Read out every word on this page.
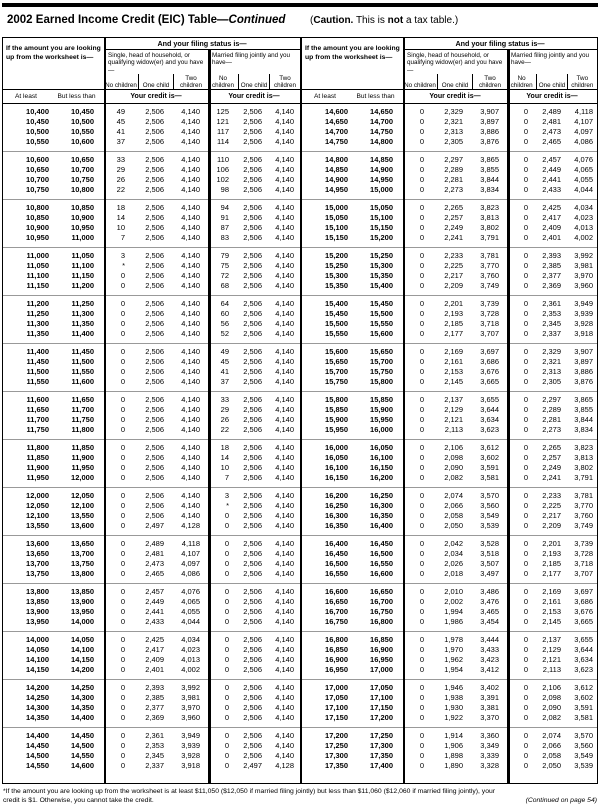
2002 Earned Income Credit (EIC) Table—Continued	(Caution. This is not a tax table.)
If the amount you are looking up from the worksheet is—
And your filing status is—
Single, head of household, or qualifying widow(er) and you have—
No children One child
Two children
Married filing jointly and you have—
No children	One child
Two children
At least	But less than	Your credit is—	Your credit is—
10,400	10,450	49	2,506	4,140	125	2,506	4,140
10,450	10,500	45	2,506	4,140	121	2,506	4,140
10,500	10,550	41	2,506	4,140	117	2,506	4,140
10,550	10,600	37	2,506	4,140	114	2,506	4,140
10,600	10,650	33	2,506	4,140	110	2,506	4,140
10,650	10,700	29	2,506	4,140	106	2,506	4,140
10,700	10,750	26	2,506	4,140	102	2,506	4,140
10,750	10,800	22	2,506	4,140	98	2,506	4,140
10,800	10,850	18	2,506	4,140	94	2,506	4,140
10,850	10,900	14	2,506	4,140	91	2,506	4,140
10,900	10,950	10	2,506	4,140	87	2,506	4,140
10,950	11,000	7	2,506	4,140	83	2,506	4,140
11,000	11,050	3	2,506	4,140	79	2,506	4,140
11,050	11,100	*	2,506	4,140	75	2,506	4,140
11,100	11,150	0	2,506	4,140	72	2,506	4,140
11,150	11,200	0	2,506	4,140	68	2,506	4,140
11,200	11,250	0	2,506	4,140	64	2,506	4,140
11,250	11,300	0	2,506	4,140	60	2,506	4,140
11,300	11,350	0	2,506	4,140	56	2,506	4,140
11,350	11,400	0	2,506	4,140	52	2,506	4,140
11,400	11,450	0	2,506	4,140	49	2,506	4,140
11,450	11,500	0	2,506	4,140	45	2,506	4,140
11,500	11,550	0	2,506	4,140	41	2,506	4,140
11,550	11,600	0	2,506	4,140	37	2,506	4,140
11,600	11,650	0	2,506	4,140	33	2,506	4,140
11,650	11,700	0	2,506	4,140	29	2,506	4,140
11,700	11,750	0	2,506	4,140	26	2,506	4,140
11,750	11,800	0	2,506	4,140	22	2,506	4,140
11,800	11,850	0	2,506	4,140	18	2,506	4,140
11,850	11,900	0	2,506	4,140	14	2,506	4,140
11,900	11,950	0	2,506	4,140	10	2,506	4,140
11,950	12,000	0	2,506	4,140	7	2,506	4,140
12,000	12,050	0	2,506	4,140	3	2,506	4,140
12,050	12,100	0	2,506	4,140	*	2,506	4,140
12,100	13,550	0	2,506	4,140	0	2,506	4,140
13,550	13,600	0	2,497	4,128	0	2,506	4,140
13,600	13,650	0	2,489	4,118	0	2,506	4,140
13,650	13,700	0	2,481	4,107	0	2,506	4,140
13,700	13,750	0	2,473	4,097	0	2,506	4,140
13,750	13,800	0	2,465	4,086	0	2,506	4,140
13,800	13,850	0	2,457	4,076	0	2,506	4,140
13,850	13,900	0	2,449	4,065	0	2,506	4,140
13,900	13,950	0	2,441	4,055	0	2,506	4,140
13,950	14,000	0	2,433	4,044	0	2,506	4,140
14,000	14,050	0	2,425	4,034	0	2,506	4,140
14,050	14,100	0	2,417	4,023	0	2,506	4,140
14,100	14,150	0	2,409	4,013	0	2,506	4,140
14,150	14,200	0	2,401	4,002	0	2,506	4,140
14,200	14,250	0	2,393	3,992	0	2,506	4,140
14,250	14,300	0	2,385	3,981	0	2,506	4,140
14,300	14,350	0	2,377	3,970	0	2,506	4,140
14,350	14,400	0	2,369	3,960	0	2,506	4,140
14,400	14,450	0	2,361	3,949	0	2,506	4,140
14,450	14,500	0	2,353	3,939	0	2,506	4,140
14,500	14,550	0	2,345	3,928	0	2,506	4,140
14,550	14,600	0	2,337	3,918	0	2,497	4,128
If the amount you are looking up from the worksheet is—
And your filing status is—
Single, head of household, or qualifying widow(er) and you have—
No children One child
Two children
Married filing jointly and you have—
No children One child
Two children
At least	But less than	Your credit is—	Your credit is—
14,600	14,650	0	2,329	3,907	0	2,489	4,118
14,650	14,700	0	2,321	3,897	0	2,481	4,107
14,700	14,750	0	2,313	3,886	0	2,473	4,097
14,750	14,800	0	2,305	3,876	0	2,465	4,086
14,800	14,850	0	2,297	3,865	0	2,457	4,076
14,850	14,900	0	2,289	3,855	0	2,449	4,065
14,900	14,950	0	2,281	3,844	0	2,441	4,055
14,950	15,000	0	2,273	3,834	0	2,433	4,044
15,000	15,050	0	2,265	3,823	0	2,425	4,034
15,050	15,100	0	2,257	3,813	0	2,417	4,023
15,100	15,150	0	2,249	3,802	0	2,409	4,013
15,150	15,200	0	2,241	3,791	0	2,401	4,002
15,200	15,250	0	2,233	3,781	0	2,393	3,992
15,250	15,300	0	2,225	3,770	0	2,385	3,981
15,300	15,350	0	2,217	3,760	0	2,377	3,970
15,350	15,400	0	2,209	3,749	0	2,369	3,960
15,400	15,450	0	2,201	3,739	0	2,361	3,949
15,450	15,500	0	2,193	3,728	0	2,353	3,939
15,500	15,550	0	2,185	3,718	0	2,345	3,928
15,550	15,600	0	2,177	3,707	0	2,337	3,918
15,600	15,650	0	2,169	3,697	0	2,329	3,907
15,650	15,700	0	2,161	3,686	0	2,321	3,897
15,700	15,750	0	2,153	3,676	0	2,313	3,886
15,750	15,800	0	2,145	3,665	0	2,305	3,876
15,800	15,850	0	2,137	3,655	0	2,297	3,865
15,850	15,900	0	2,129	3,644	0	2,289	3,855
15,900	15,950	0	2,121	3,634	0	2,281	3,844
15,950	16,000	0	2,113	3,623	0	2,273	3,834
16,000	16,050	0	2,106	3,612	0	2,265	3,823
16,050	16,100	0	2,098	3,602	0	2,257	3,813
16,100	16,150	0	2,090	3,591	0	2,249	3,802
16,150	16,200	0	2,082	3,581	0	2,241	3,791
16,200	16,250	0	2,074	3,570	0	2,233	3,781
16,250	16,300	0	2,066	3,560	0	2,225	3,770
16,300	16,350	0	2,058	3,549	0	2,217	3,760
16,350	16,400	0	2,050	3,539	0	2,209	3,749
16,400	16,450	0	2,042	3,528	0	2,201	3,739
16,450	16,500	0	2,034	3,518	0	2,193	3,728
16,500	16,550	0	2,026	3,507	0	2,185	3,718
16,550	16,600	0	2,018	3,497	0	2,177	3,707
16,600	16,650	0	2,010	3,486	0	2,169	3,697
16,650	16,700	0	2,002	3,476	0	2,161	3,686
16,700	16,750	0	1,994	3,465	0	2,153	3,676
16,750	16,800	0	1,986	3,454	0	2,145	3,665
16,800	16,850	0	1,978	3,444	0	2,137	3,655
16,850	16,900	0	1,970	3,433	0	2,129	3,644
16,900	16,950	0	1,962	3,423	0	2,121	3,634
16,950	17,000	0	1,954	3,412	0	2,113	3,623
17,000	17,050	0	1,946	3,402	0	2,106	3,612
17,050	17,100	0	1,938	3,391	0	2,098	3,602
17,100	17,150	0	1,930	3,381	0	2,090	3,591
17,150	17,200	0	1,922	3,370	0	2,082	3,581
17,200	17,250	0	1,914	3,360	0	2,074	3,570
17,250	17,300	0	1,906	3,349	0	2,066	3,560
17,300	17,350	0	1,898	3,339	0	2,058	3,549
17,350	17,400	0	1,890	3,328	0	2,050	3,539
*If the amount you are looking up from the worksheet is at least $11,050 ($12,050 if married filing jointly) but less than $11,060 ($12,060 if married filing jointly), your
credit is $1. Otherwise, you cannot take the credit.	(Continued on page 54)
